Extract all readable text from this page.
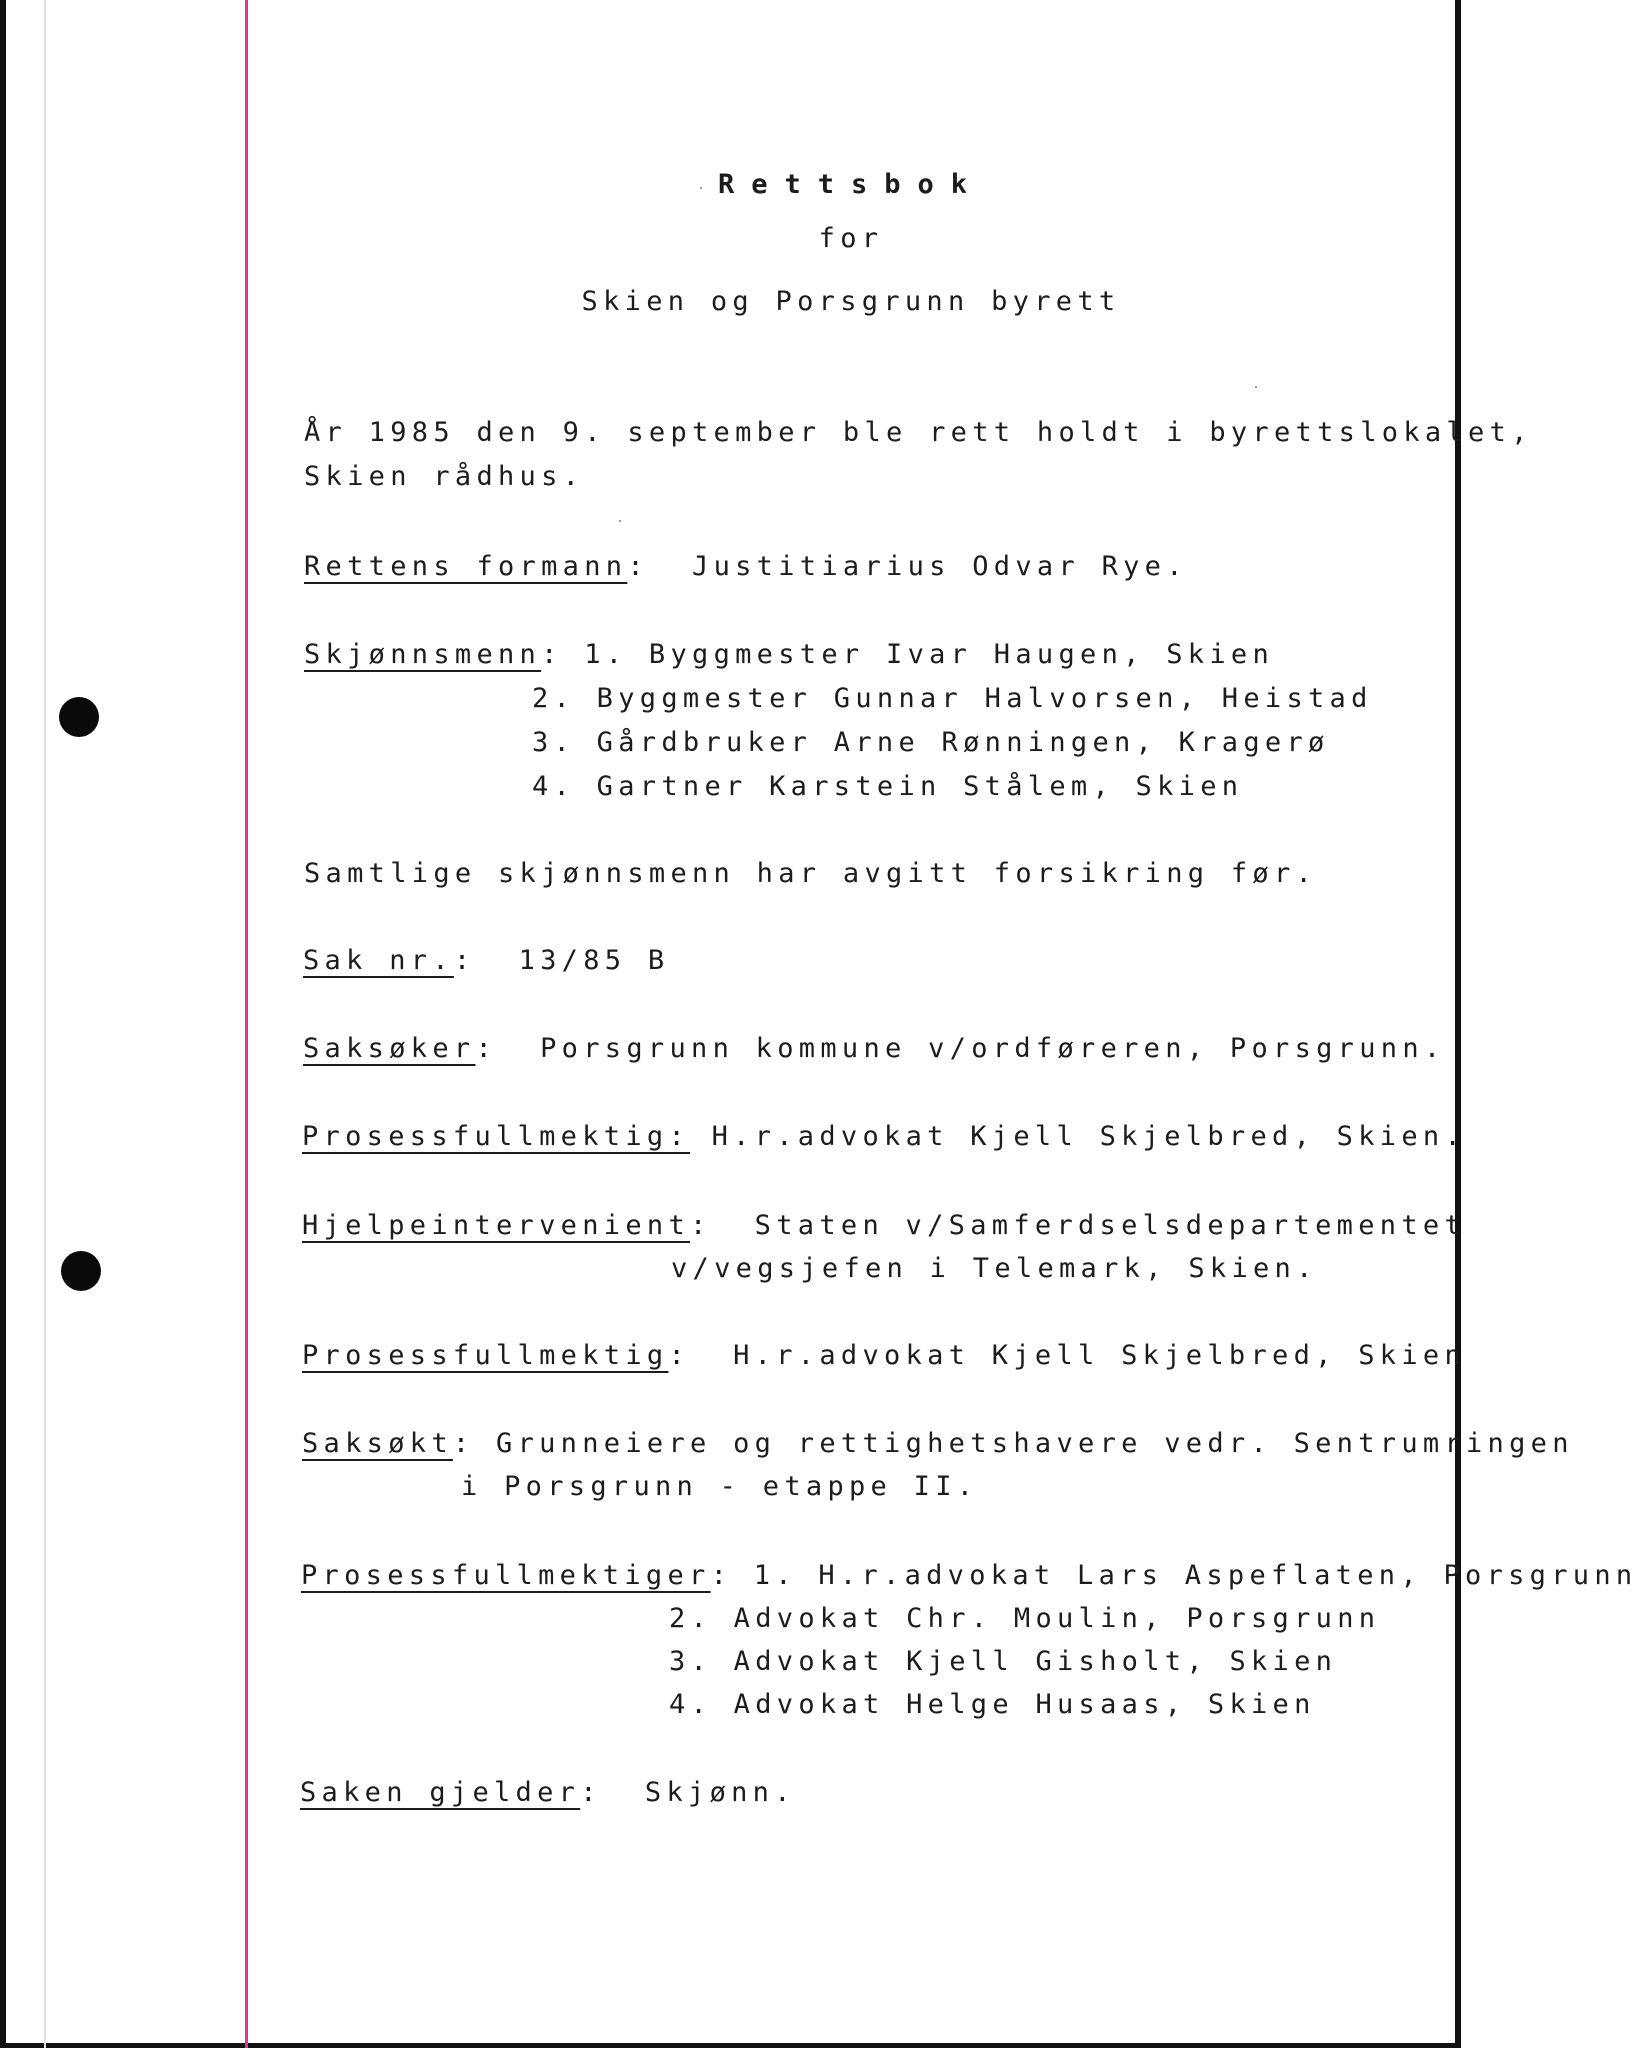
Rettsbok
for
Skien og Porsgrunn byrett
År 1985 den 9. september ble rett holdt i byrettslokalet,
Skien rådhus.
Rettens formann:  Justitiarius Odvar Rye.
Skjønnsmenn: 1. Byggmester Ivar Haugen, Skien
2. Byggmester Gunnar Halvorsen, Heistad
3. Gårdbruker Arne Rønningen, Kragerø
4. Gartner Karstein Stålem, Skien
Samtlige skjønnsmenn har avgitt forsikring før.
Sak nr.:  13/85 B
Saksøker:  Porsgrunn kommune v/ordføreren, Porsgrunn.
Prosessfullmektig: H.r.advokat Kjell Skjelbred, Skien.
Hjelpeintervenient:  Staten v/Samferdselsdepartementet
v/vegsjefen i Telemark, Skien.
Prosessfullmektig:  H.r.advokat Kjell Skjelbred, Skien
Saksøkt: Grunneiere og rettighetshavere vedr. Sentrumringen
i Porsgrunn - etappe II.
Prosessfullmektiger: 1. H.r.advokat Lars Aspeflaten, Porsgrunn
2. Advokat Chr. Moulin, Porsgrunn
3. Advokat Kjell Gisholt, Skien
4. Advokat Helge Husaas, Skien
Saken gjelder:  Skjønn.
